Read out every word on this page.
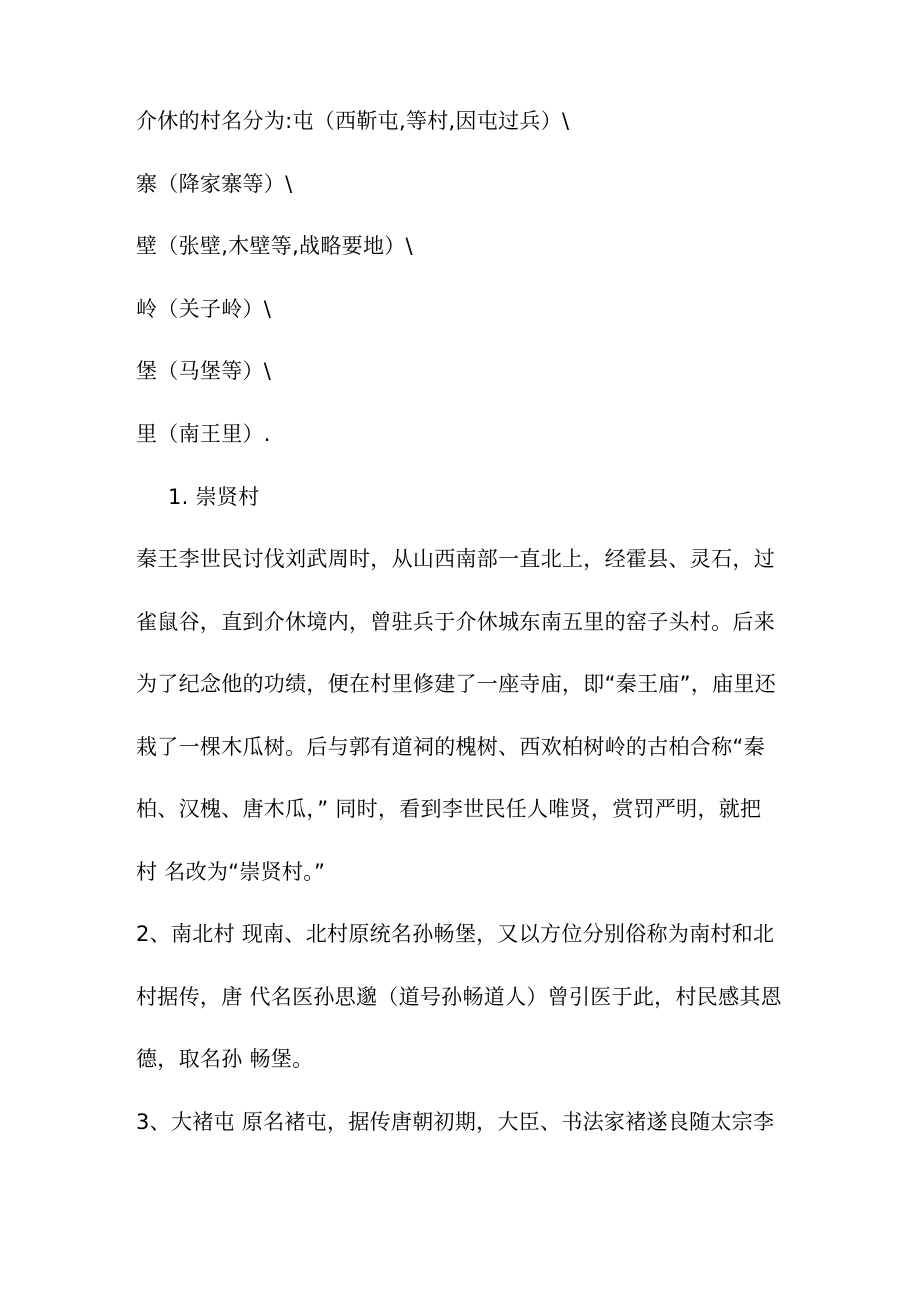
介休的村名分为:屯（西靳屯,等村,因屯过兵）\
寨（降家寨等）\
壁（张壁,木壁等,战略要地）\
岭（关子岭）\
堡（马堡等）\
里（南王里）.
1. 崇贤村
秦王李世民讨伐刘武周时，从山西南部一直北上，经霍县、灵石，过
雀鼠谷，直到介休境内，曾驻兵于介休城东南五里的窑子头村。后来
为了纪念他的功绩，便在村里修建了一座寺庙，即“秦王庙”，庙里还
栽了一棵木瓜树。后与郭有道祠的槐树、西欢柏树岭的古柏合称“秦
柏、汉槐、唐木瓜，” 同时，看到李世民任人唯贤，赏罚严明，就把
村 名改为“崇贤村。”
2、南北村 现南、北村原统名孙畅堡，又以方位分别俗称为南村和北
村据传，唐 代名医孙思邈（道号孙畅道人）曾引医于此，村民感其恩
德，取名孙 畅堡。
3、大褚屯 原名褚屯，据传唐朝初期，大臣、书法家褚遂良随太宗李
